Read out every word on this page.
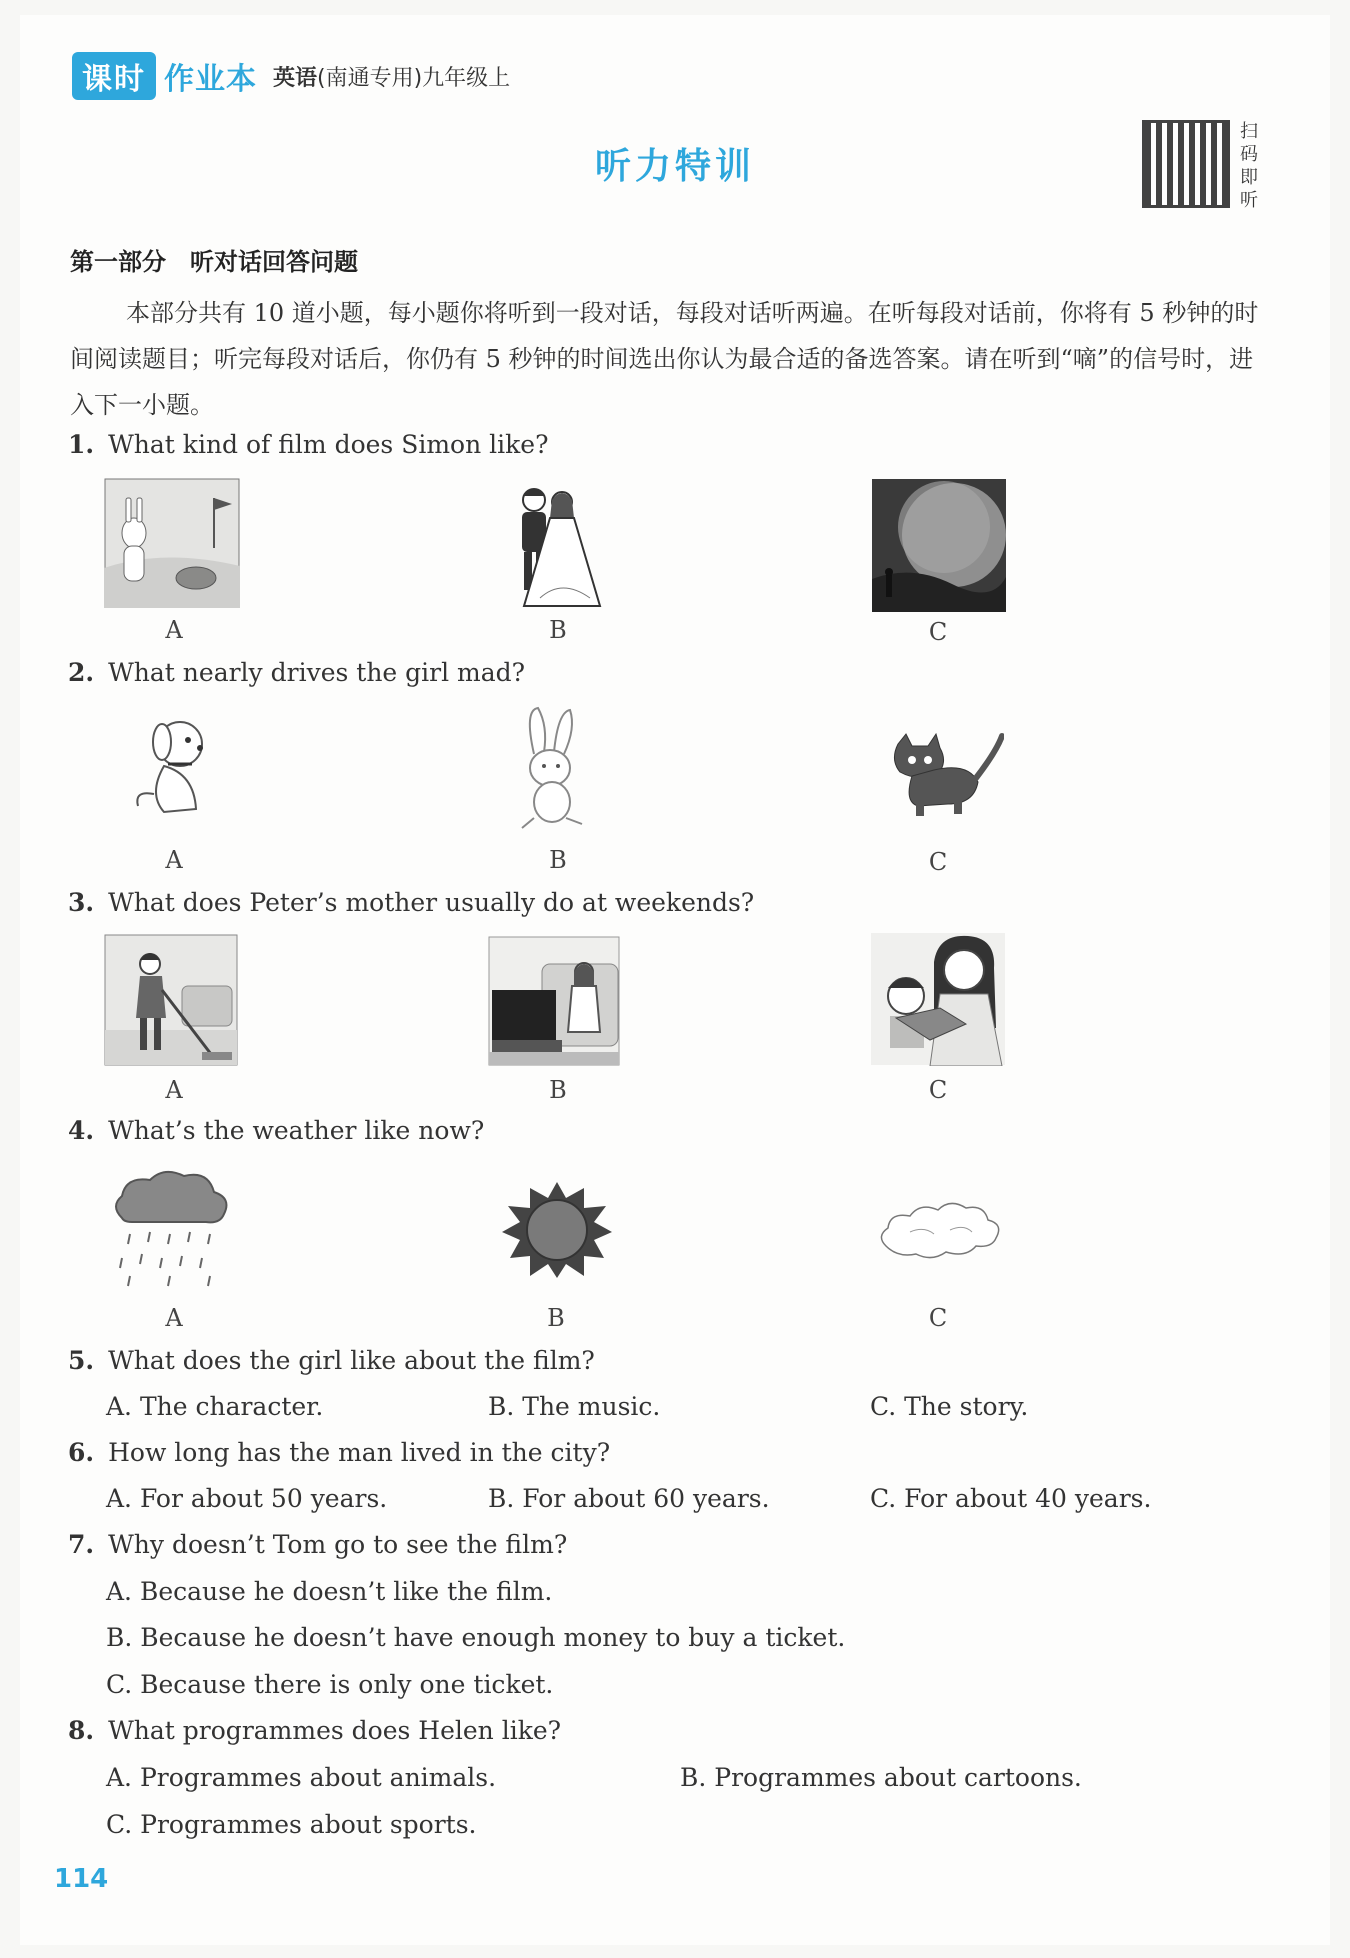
课时 作业本 英语(南通专用)九年级上
听力特训
扫
码
即
听
第一部分　听对话回答问题
本部分共有 10 道小题，每小题你将听到一段对话，每段对话听两遍。在听每段对话前，你将有 5 秒钟的时间阅读题目；听完每段对话后，你仍有 5 秒钟的时间选出你认为最合适的备选答案。请在听到“嘀”的信号时，进入下一小题。
1. What kind of film does Simon like?
A	B	C
2. What nearly drives the girl mad?
A	B	C
3. What does Peter’s mother usually do at weekends?
A	B	C
4. What’s the weather like now?
A	B	C
5. What does the girl like about the film?
A. The character.	B. The music.	C. The story.
6. How long has the man lived in the city?
A. For about 50 years.	B. For about 60 years.	C. For about 40 years.
7. Why doesn’t Tom go to see the film?
A. Because he doesn’t like the film.
B. Because he doesn’t have enough money to buy a ticket.
C. Because there is only one ticket.
8. What programmes does Helen like?
A. Programmes about animals.	B. Programmes about cartoons.
C. Programmes about sports.
114
